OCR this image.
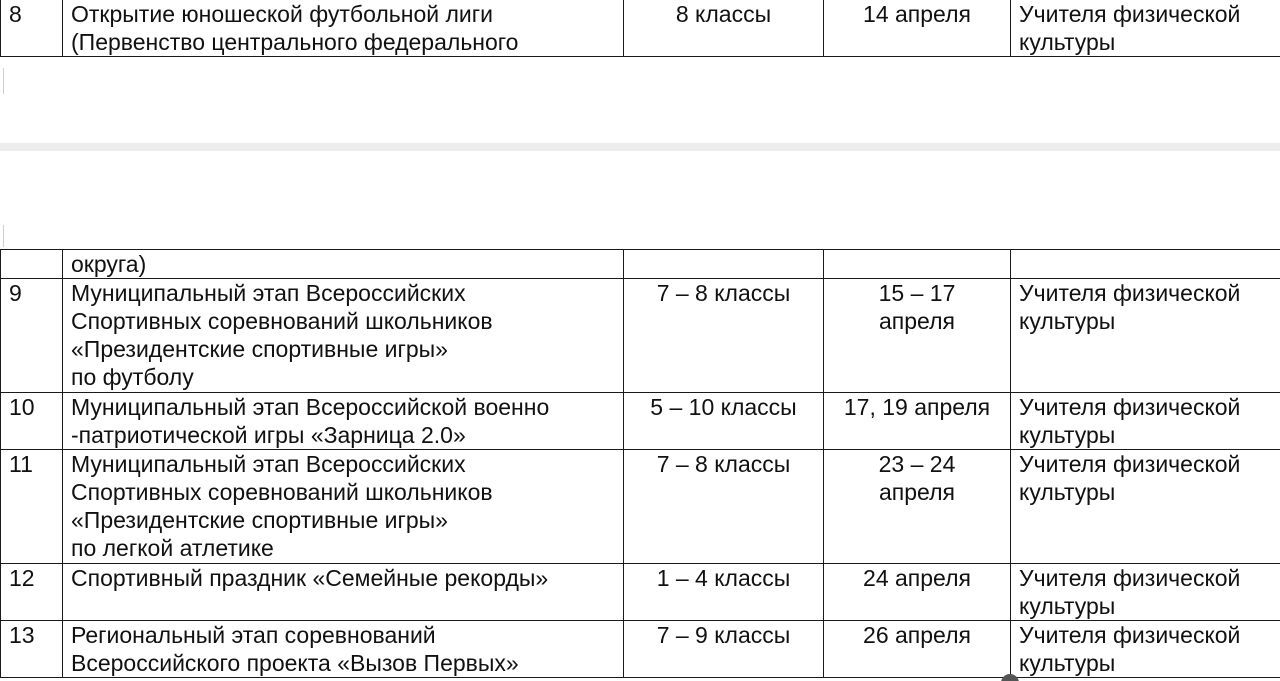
8	Открытие юношеской футбольной лиги
(Первенство центрального федерального

8 классы	14 апреля	Учителя физической
культуры

	округа)			

9	Муниципальный этап Всероссийских
Спортивных соревнований школьников
«Президентские спортивные игры»
по футболу	7 – 8 классы	15 – 17
апреля	Учителя физической
культуры

10	Муниципальный этап Всероссийской военно
-патриотической игры «Зарница 2.0»	5 – 10 классы	17, 19 апреля	Учителя физической
культуры

11	Муниципальный этап Всероссийских
Спортивных соревнований школьников
«Президентские спортивные игры»
по легкой атлетике	7 – 8 классы	23 – 24
апреля	Учителя физической
культуры

12	Спортивный праздник «Семейные рекорды»	1 – 4 классы	24 апреля	Учителя физической
культуры

13	Региональный этап соревнований
Всероссийского проекта «Вызов Первых»	7 – 9 классы	26 апреля	Учителя физической
культуры
